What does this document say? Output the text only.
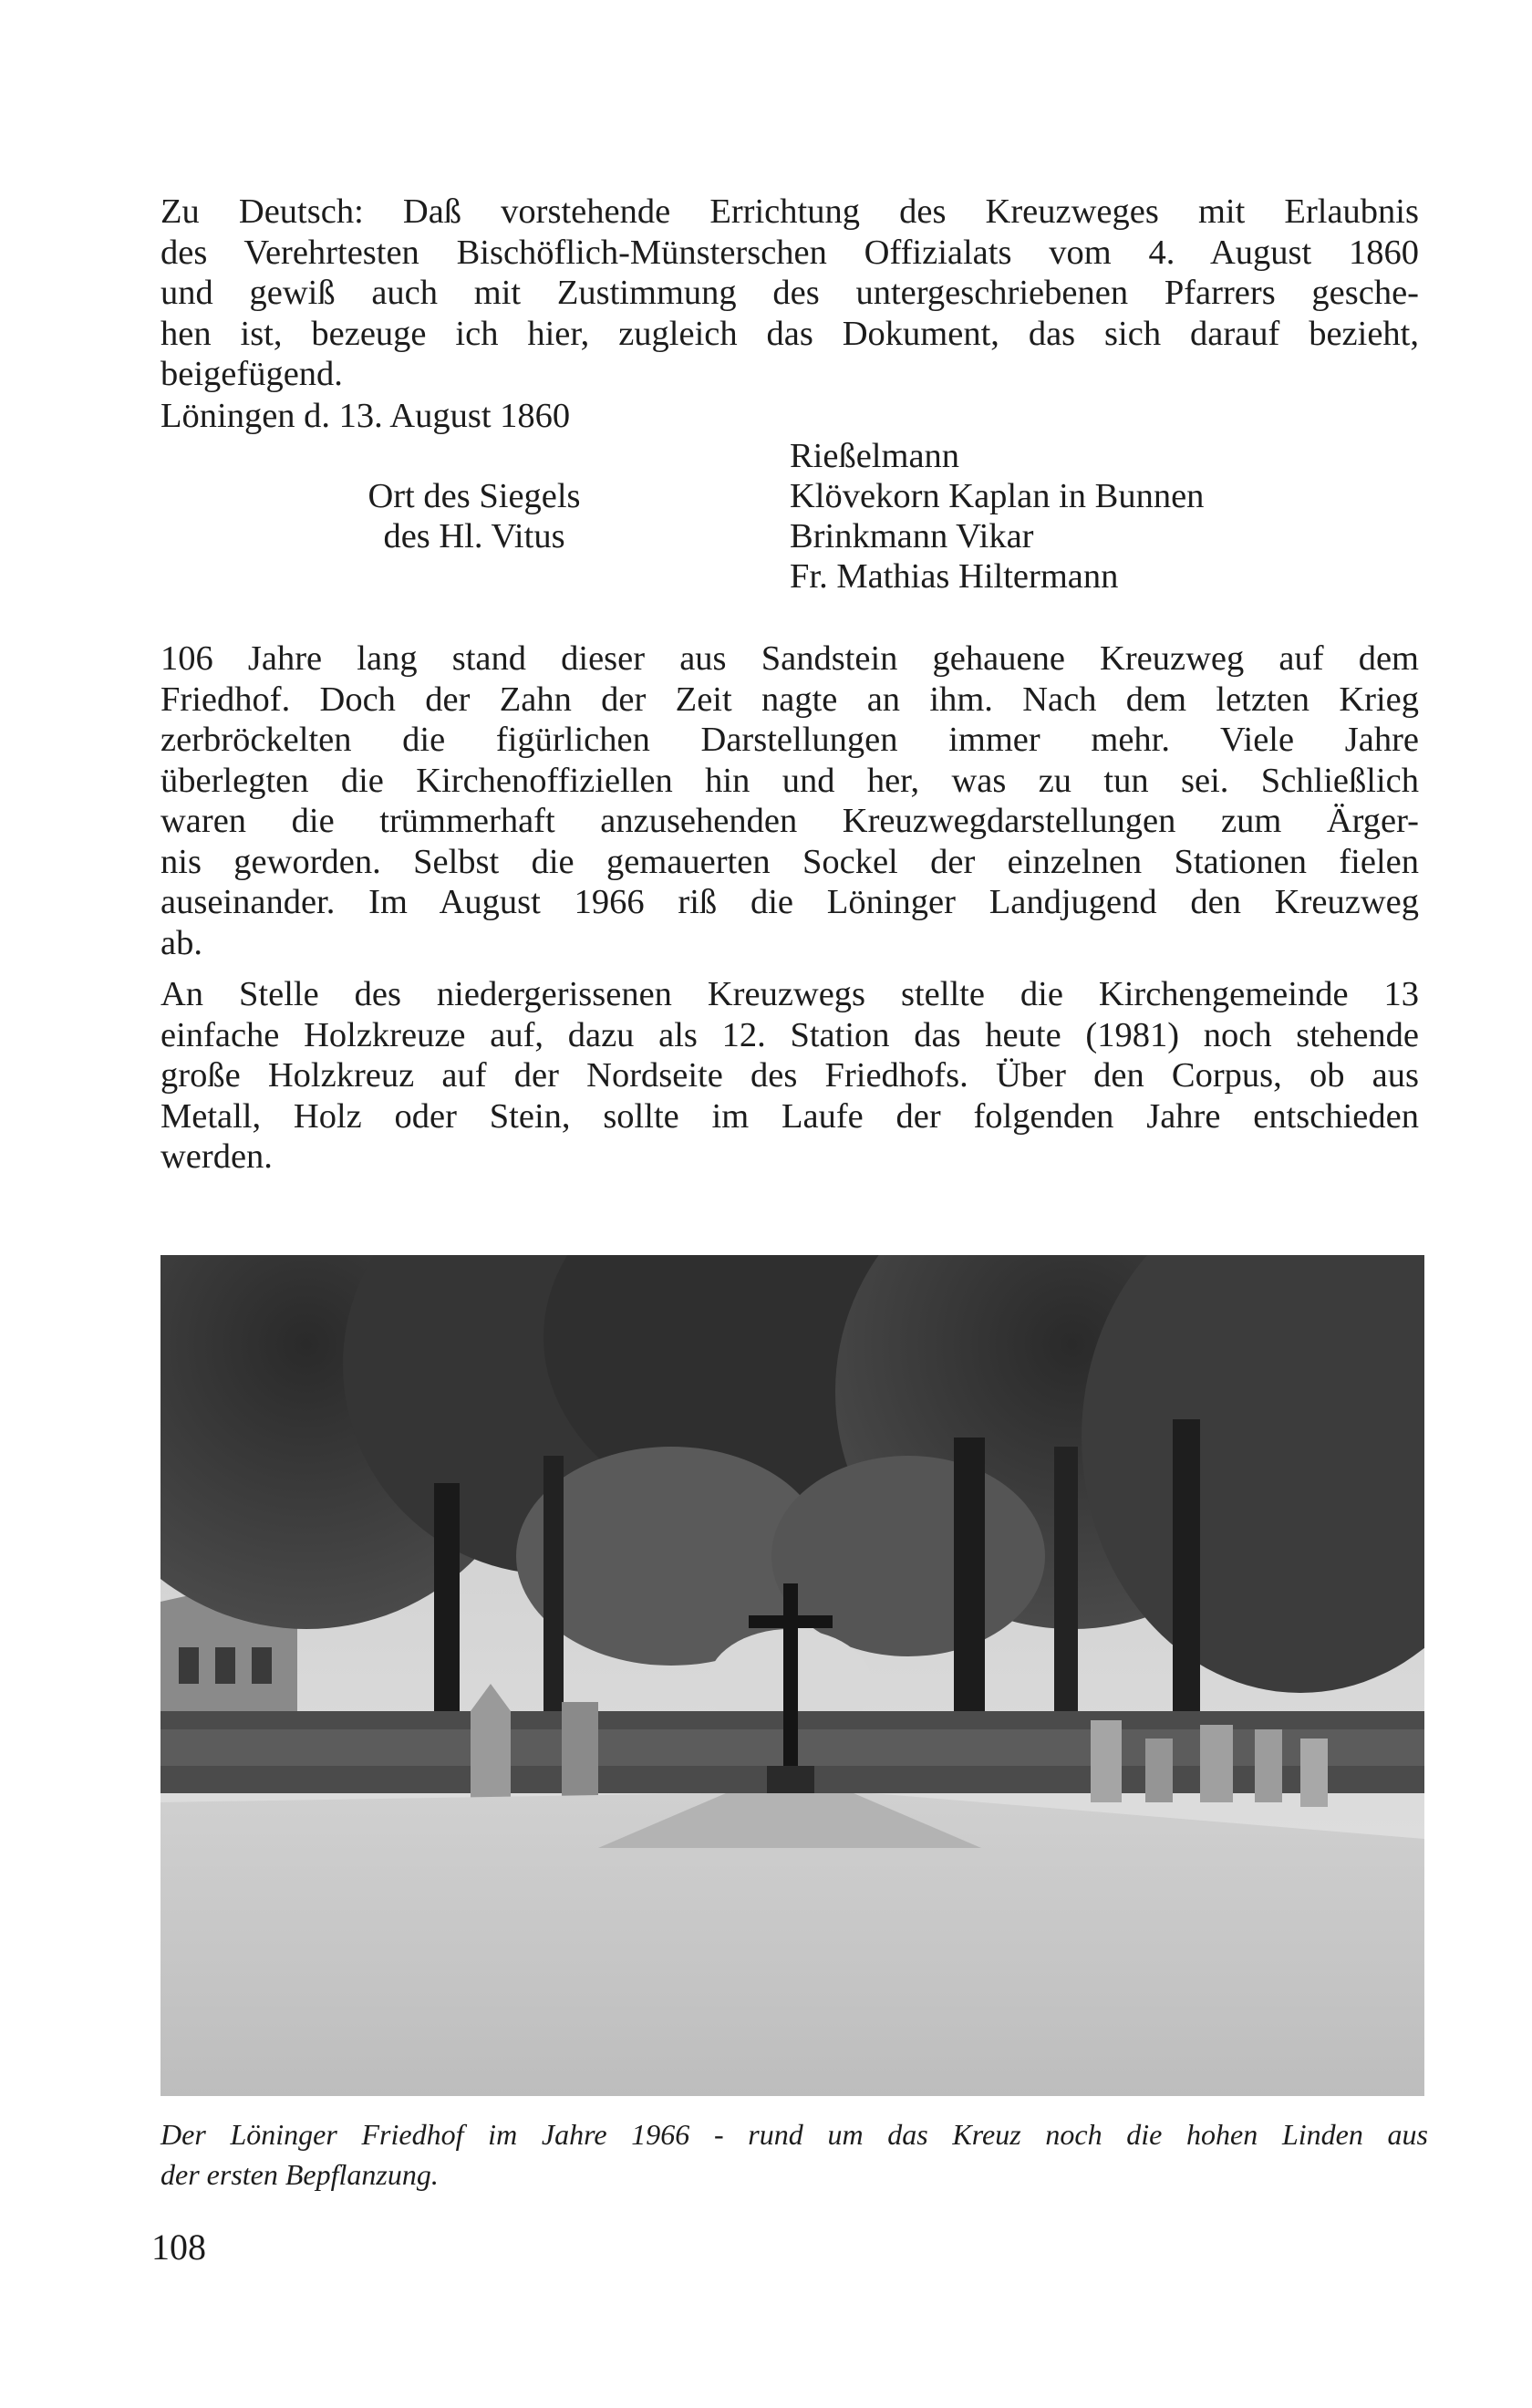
Zu Deutsch: Daß vorstehende Errichtung des Kreuzweges mit Erlaubnis
des Verehrtesten Bischöflich-Münsterschen Offizialats vom 4. August 1860
und gewiß auch mit Zustimmung des untergeschriebenen Pfarrers gesche-
hen ist, bezeuge ich hier, zugleich das Dokument, das sich darauf bezieht,
beigefügend.
Löningen d. 13. August 1860
Ort des Siegels
des Hl. Vitus
Rießelmann
Klövekorn Kaplan in Bunnen
Brinkmann Vikar
Fr. Mathias Hiltermann
106 Jahre lang stand dieser aus Sandstein gehauene Kreuzweg auf dem
Friedhof. Doch der Zahn der Zeit nagte an ihm. Nach dem letzten Krieg
zerbröckelten die figürlichen Darstellungen immer mehr. Viele Jahre
überlegten die Kirchenoffiziellen hin und her, was zu tun sei. Schließlich
waren die trümmerhaft anzusehenden Kreuzwegdarstellungen zum Ärger-
nis geworden. Selbst die gemauerten Sockel der einzelnen Stationen fielen
auseinander. Im August 1966 riß die Löninger Landjugend den Kreuzweg
ab.
An Stelle des niedergerissenen Kreuzwegs stellte die Kirchengemeinde 13
einfache Holzkreuze auf, dazu als 12. Station das heute (1981) noch stehende
große Holzkreuz auf der Nordseite des Friedhofs. Über den Corpus, ob aus
Metall, Holz oder Stein, sollte im Laufe der folgenden Jahre entschieden
werden.
Der Löninger Friedhof im Jahre 1966 - rund um das Kreuz noch die hohen Linden aus
der ersten Bepflanzung.
108
